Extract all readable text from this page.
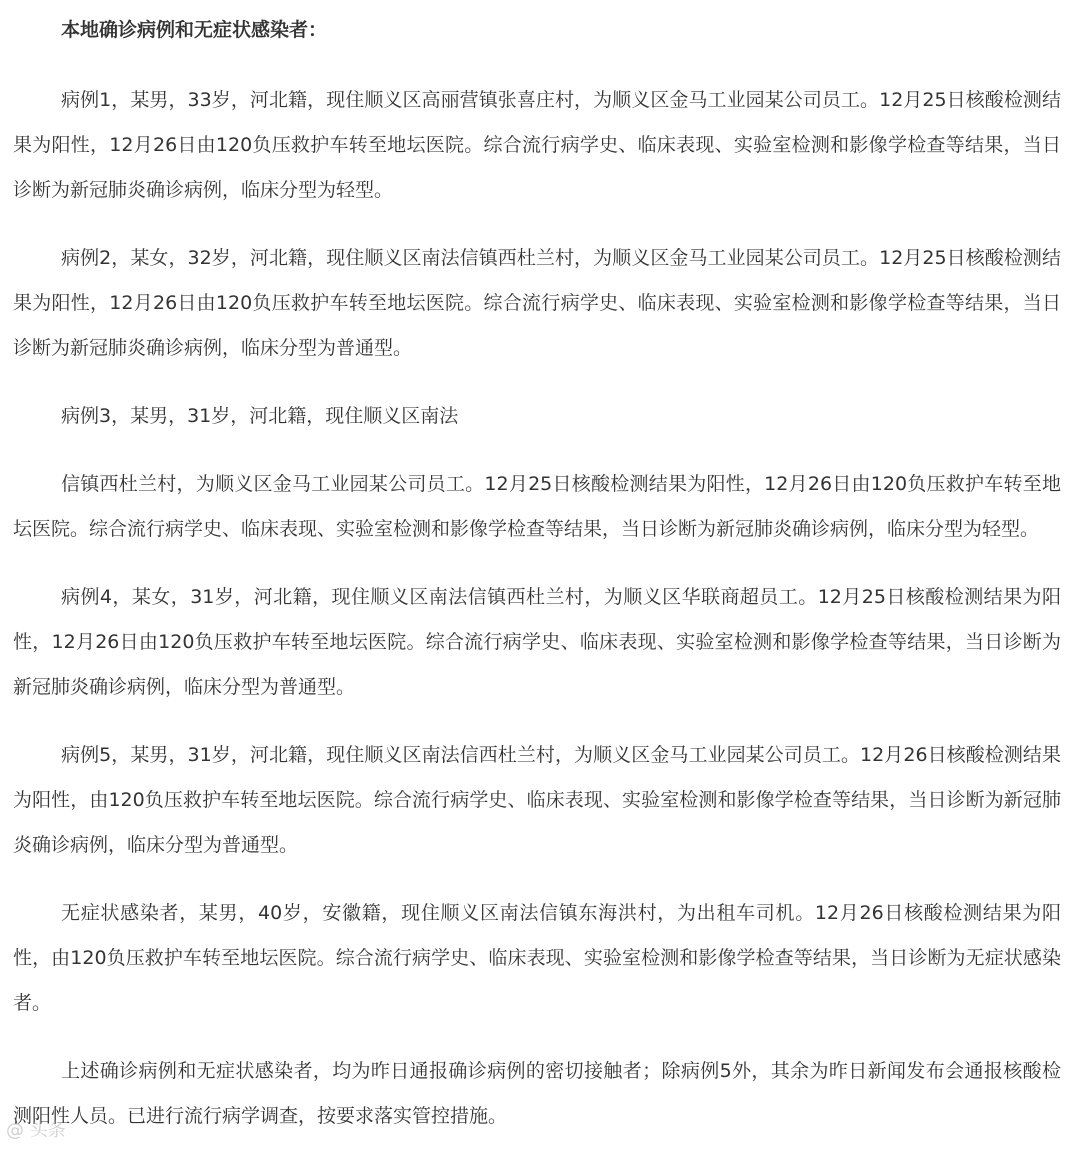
本地确诊病例和无症状感染者：

病例1，某男，33岁，河北籍，现住顺义区高丽营镇张喜庄村，为顺义区金马工业园某公司员工。12月25日核酸检测结果为阳性，12月26日由120负压救护车转至地坛医院。综合流行病学史、临床表现、实验室检测和影像学检查等结果，当日诊断为新冠肺炎确诊病例，临床分型为轻型。

病例2，某女，32岁，河北籍，现住顺义区南法信镇西杜兰村，为顺义区金马工业园某公司员工。12月25日核酸检测结果为阳性，12月26日由120负压救护车转至地坛医院。综合流行病学史、临床表现、实验室检测和影像学检查等结果，当日诊断为新冠肺炎确诊病例，临床分型为普通型。

病例3，某男，31岁，河北籍，现住顺义区南法

信镇西杜兰村，为顺义区金马工业园某公司员工。12月25日核酸检测结果为阳性，12月26日由120负压救护车转至地坛医院。综合流行病学史、临床表现、实验室检测和影像学检查等结果，当日诊断为新冠肺炎确诊病例，临床分型为轻型。

病例4，某女，31岁，河北籍，现住顺义区南法信镇西杜兰村，为顺义区华联商超员工。12月25日核酸检测结果为阳性，12月26日由120负压救护车转至地坛医院。综合流行病学史、临床表现、实验室检测和影像学检查等结果，当日诊断为新冠肺炎确诊病例，临床分型为普通型。

病例5，某男，31岁，河北籍，现住顺义区南法信西杜兰村，为顺义区金马工业园某公司员工。12月26日核酸检测结果为阳性，由120负压救护车转至地坛医院。综合流行病学史、临床表现、实验室检测和影像学检查等结果，当日诊断为新冠肺炎确诊病例，临床分型为普通型。

无症状感染者，某男，40岁，安徽籍，现住顺义区南法信镇东海洪村，为出租车司机。12月26日核酸检测结果为阳性，由120负压救护车转至地坛医院。综合流行病学史、临床表现、实验室检测和影像学检查等结果，当日诊断为无症状感染者。

上述确诊病例和无症状感染者，均为昨日通报确诊病例的密切接触者；除病例5外，其余为昨日新闻发布会通报核酸检测阳性人员。已进行流行病学调查，按要求落实管控措施。

@ 头条
